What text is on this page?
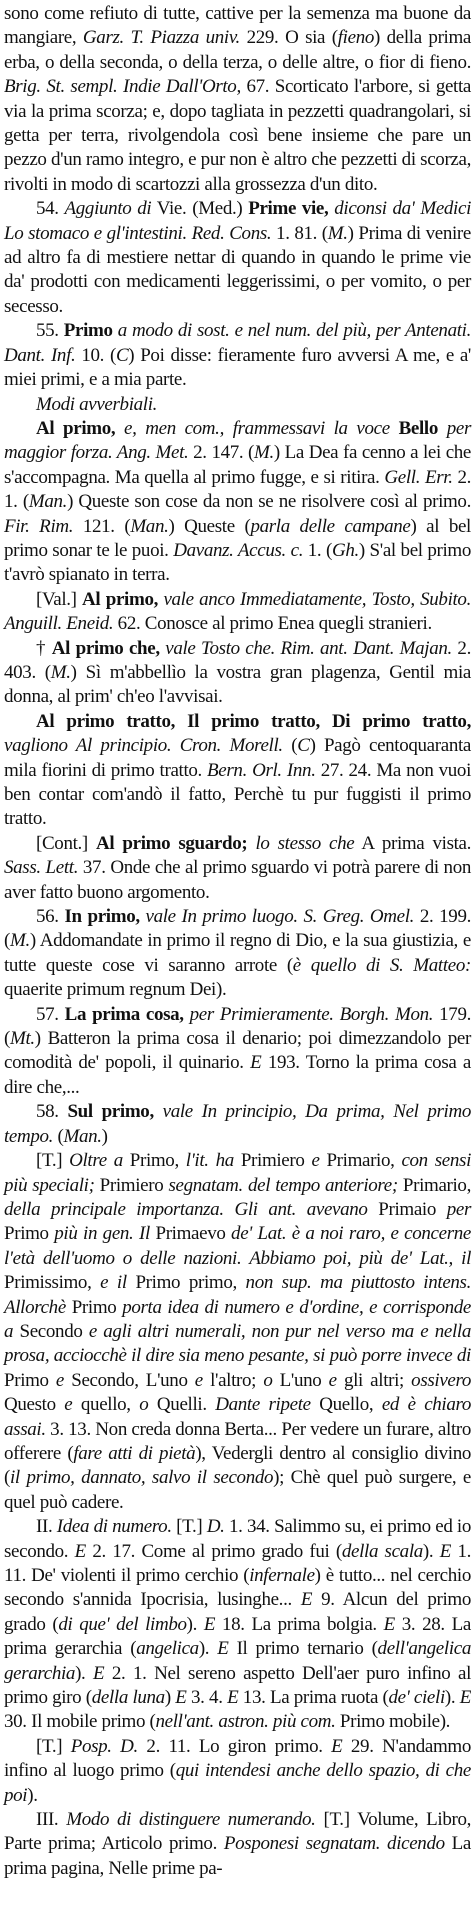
sono come refiuto di tutte, cattive per la semenza ma buone da mangiare, Garz. T. Piazza univ. 229. O sia (fieno) della prima erba, o della seconda, o della terza, o delle altre, o fior di fieno. Brig. St. sempl. Indie Dall'Orto, 67. Scorticato l'arbore, si getta via la prima scorza; e, dopo tagliata in pezzetti quadrangolari, si getta per terra, rivolgendola così bene insieme che pare un pezzo d'un ramo integro, e pur non è altro che pezzetti di scorza, rivolti in modo di scartozzi alla grossezza d'un dito.

54. Aggiunto di Vie. (Med.) Prime vie, diconsi da' Medici Lo stomaco e gl'intestini. Red. Cons. 1. 81. (M.) Prima di venire ad altro fa di mestiere nettar di quando in quando le prime vie da' prodotti con medicamenti leggerissimi, o per vomito, o per secesso.

55. Primo a modo di sost. e nel num. del più, per Antenati. Dant. Inf. 10. (C) Poi disse: fieramente furo avversi A me, e a' miei primi, e a mia parte.

Modi avverbiali.

Al primo, e, men com., frammessavi la voce Bello per maggior forza. Ang. Met. 2. 147. (M.) La Dea fa cenno a lei che s'accompagna. Ma quella al primo fugge, e si ritira. Gell. Err. 2. 1. (Man.) Queste son cose da non se ne risolvere così al primo. Fir. Rim. 121. (Man.) Queste (parla delle campane) al bel primo sonar te le puoi. Davanz. Accus. c. 1. (Gh.) S'al bel primo t'avrò spianato in terra.

[Val.] Al primo, vale anco Immediatamente, Tosto, Subito. Anguill. Eneid. 62. Conosce al primo Enea quegli stranieri.

† Al primo che, vale Tosto che. Rim. ant. Dant. Majan. 2. 403. (M.) Sì m'abbellìo la vostra gran plagenza, Gentil mia donna, al prim' ch'eo l'avvisai.

Al primo tratto, Il primo tratto, Di primo tratto, vagliono Al principio. Cron. Morell. (C) Pagò centoquaranta mila fiorini di primo tratto. Bern. Orl. Inn. 27. 24. Ma non vuoi ben contar com'andò il fatto, Perchè tu pur fuggisti il primo tratto.

[Cont.] Al primo sguardo; lo stesso che A prima vista. Sass. Lett. 37. Onde che al primo sguardo vi potrà parere di non aver fatto buono argomento.

56. In primo, vale In primo luogo. S. Greg. Omel. 2. 199. (M.) Addomandate in primo il regno di Dio, e la sua giustizia, e tutte queste cose vi saranno arrote (è quello di S. Matteo: quaerite primum regnum Dei).

57. La prima cosa, per Primieramente. Borgh. Mon. 179. (Mt.) Batteron la prima cosa il denario; poi dimezzandolo per comodità de' popoli, il quinario. E 193. Torno la prima cosa a dire che,...

58. Sul primo, vale In principio, Da prima, Nel primo tempo. (Man.)

[T.] Oltre a Primo, l'it. ha Primiero e Primario, con sensi più speciali; Primiero segnatam. del tempo anteriore; Primario, della principale importanza. Gli ant. avevano Primaio per Primo più in gen. Il Primaevo de' Lat. è a noi raro, e concerne l'età dell'uomo o delle nazioni. Abbiamo poi, più de' Lat., il Primissimo, e il Primo primo, non sup. ma piuttosto intens. Allorchè Primo porta idea di numero e d'ordine, e corrisponde a Secondo e agli altri numerali, non pur nel verso ma e nella prosa, acciocchè il dire sia meno pesante, si può porre invece di Primo e Secondo, L'uno e l'altro; o L'uno e gli altri; ossivero Questo e quello, o Quelli. Dante ripete Quello, ed è chiaro assai. 3. 13. Non creda donna Berta... Per vedere un furare, altro offerere (fare atti di pietà), Vedergli dentro al consiglio divino (il primo, dannato, salvo il secondo); Chè quel può surgere, e quel può cadere.

II. Idea di numero. [T.] D. 1. 34. Salimmo su, ei primo ed io secondo. E 2. 17. Come al primo grado fui (della scala). E 1. 11. De' violenti il primo cerchio (infernale) è tutto... nel cerchio secondo s'annida Ipocrisia, lusinghe... E 9. Alcun del primo grado (di que' del limbo). E 18. La prima bolgia. E 3. 28. La prima gerarchia (angelica). E Il primo ternario (dell'angelica gerarchia). E 2. 1. Nel sereno aspetto Dell'aer puro infino al primo giro (della luna) E 3. 4. E 13. La prima ruota (de' cieli). E 30. Il mobile primo (nell'ant. astron. più com. Primo mobile).

[T.] Posp. D. 2. 11. Lo giron primo. E 29. N'andammo infino al luogo primo (qui intendesi anche dello spazio, di che poi).

III. Modo di distinguere numerando. [T.] Volume, Libro, Parte prima; Articolo primo. Posponesi segnatam. dicendo La prima pagina, Nelle prime pa-
